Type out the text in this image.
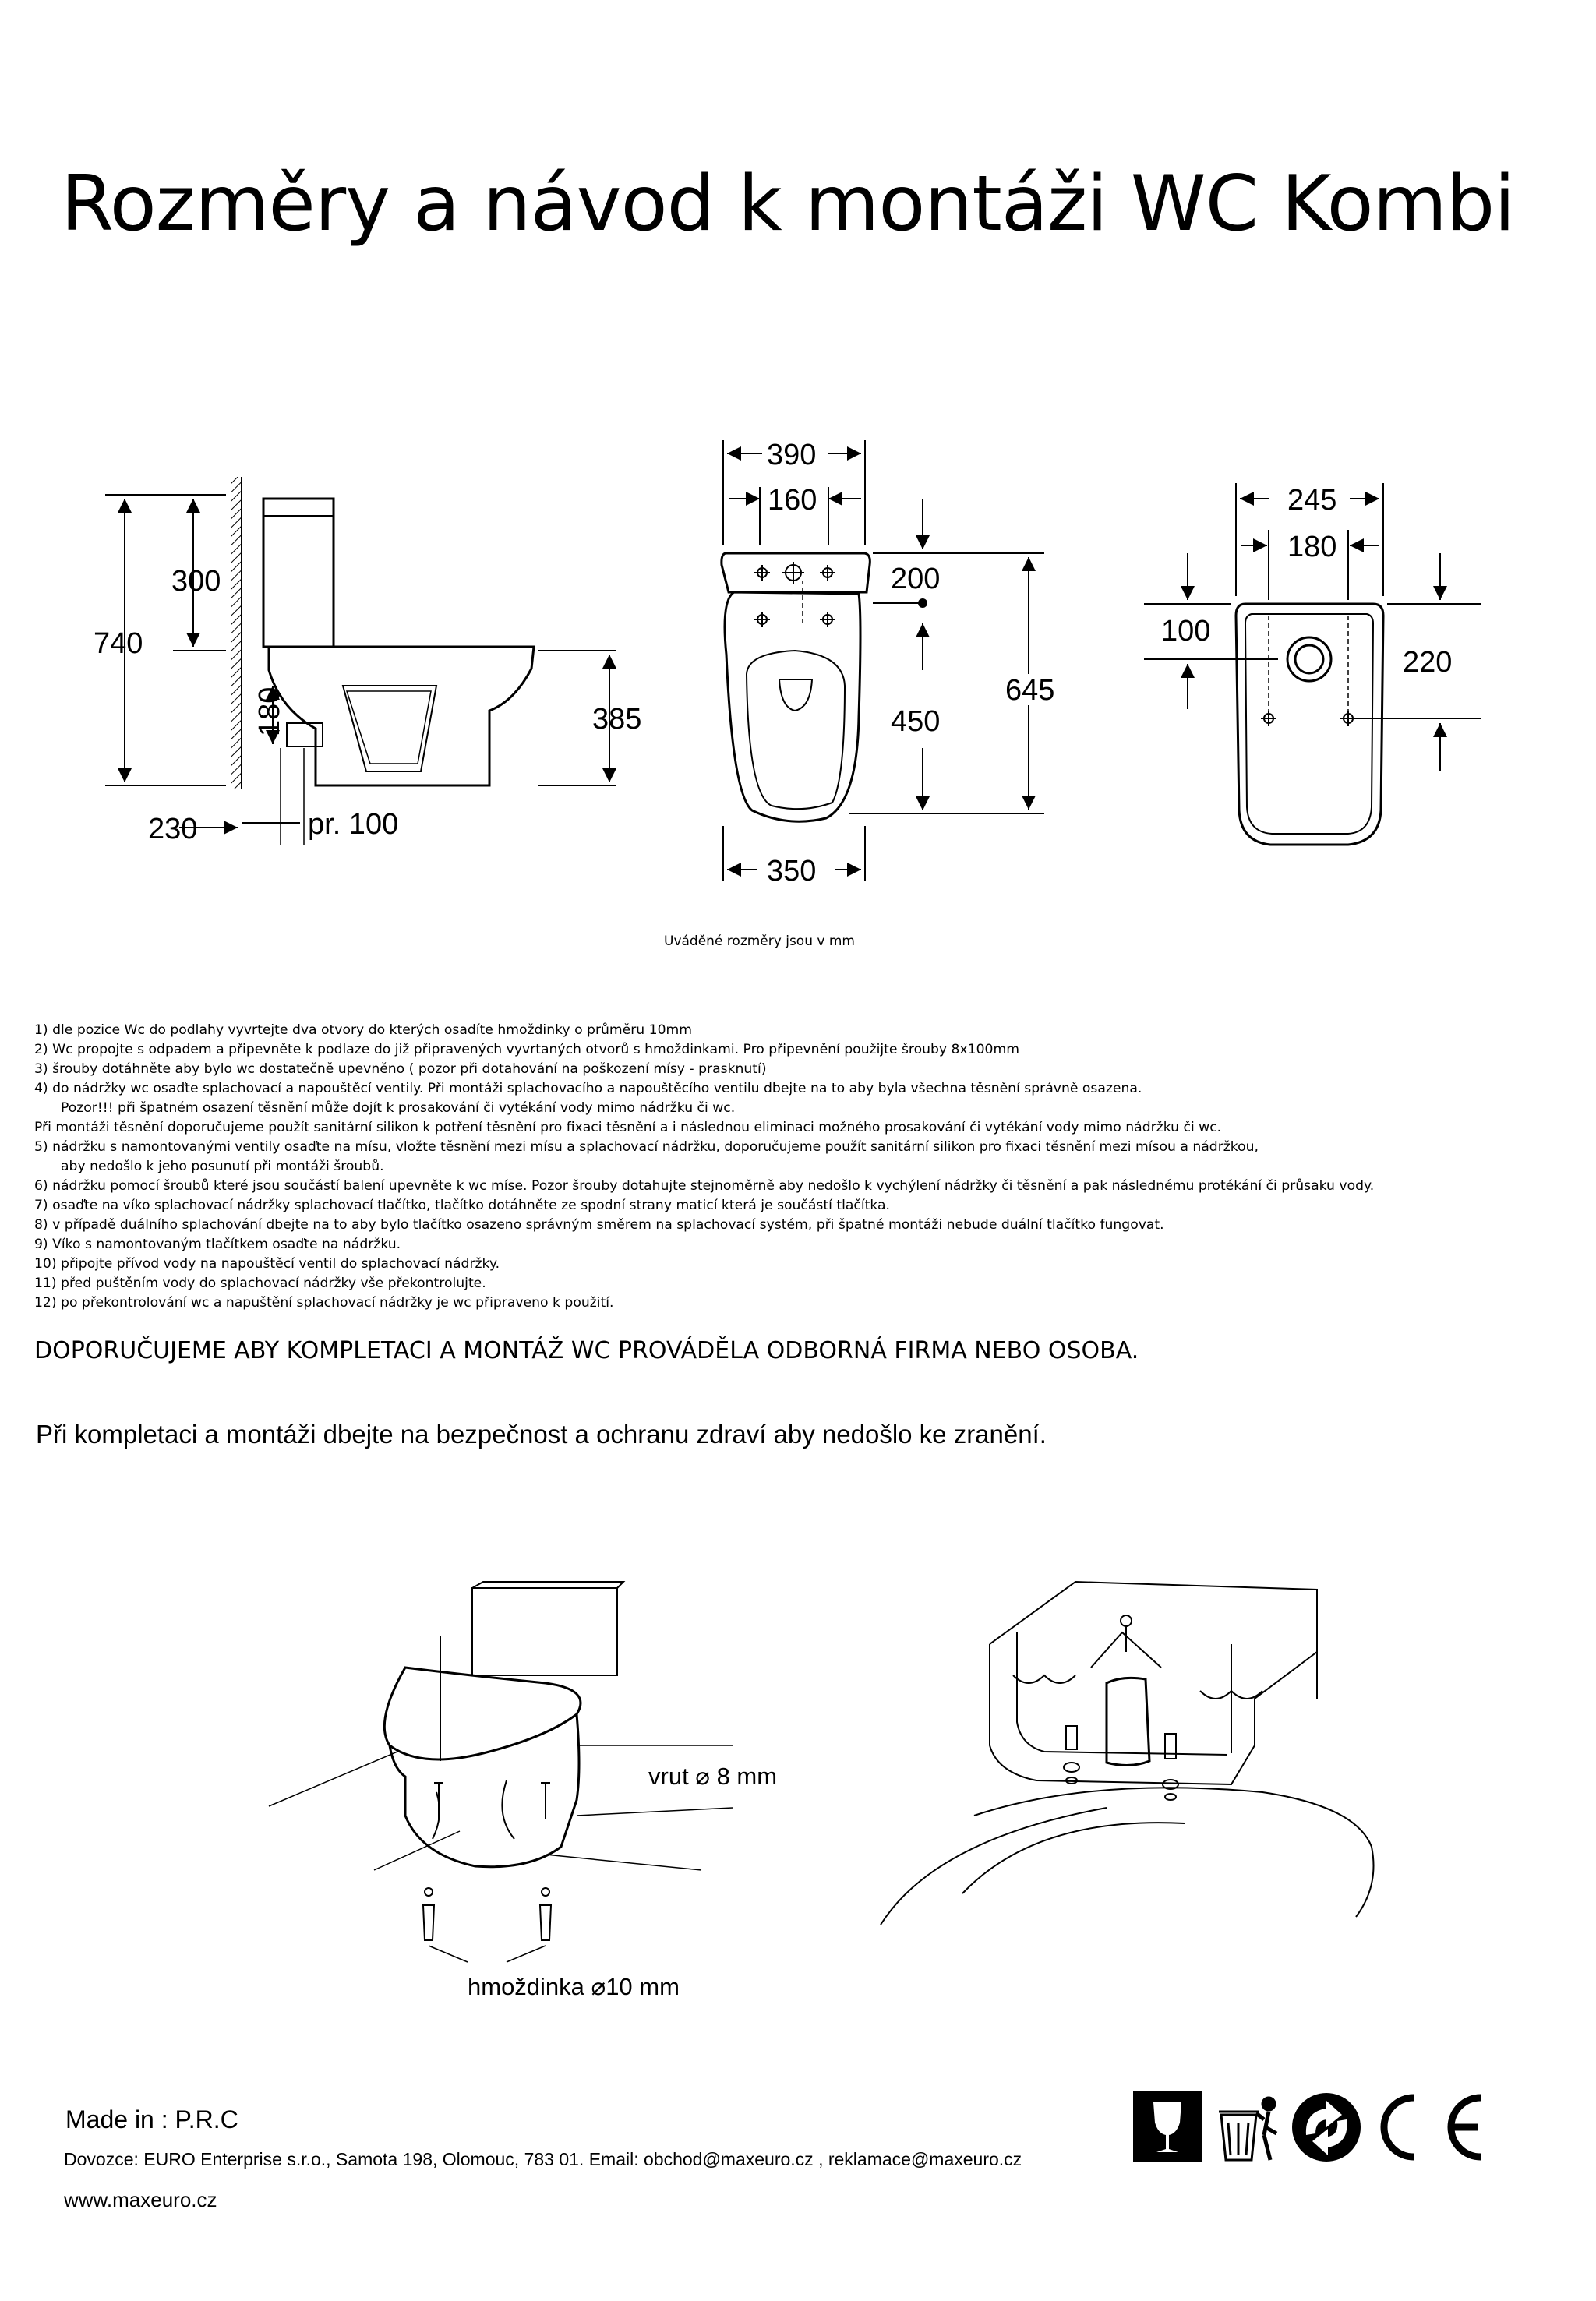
Rozměry a návod k montáži WC Kombi
740
300
385
180
230	pr. 100
390
160
200
450
645
350
245
180
100
220
Uváděné rozměry jsou v mm
1) dle pozice Wc do podlahy vyvrtejte dva otvory do kterých osadíte hmoždinky o průměru 10mm
2) Wc propojte s odpadem a připevněte k podlaze do již připravených vyvrtaných otvorů s hmoždinkami. Pro připevnění použijte šrouby 8x100mm
3) šrouby dotáhněte aby bylo wc dostatečně upevněno ( pozor při dotahování na poškození mísy - prasknutí)
4) do nádržky wc osaďte splachovací a napouštěcí ventily. Při montáži splachovacího a napouštěcího ventilu dbejte na to aby byla všechna těsnění správně osazena.
Pozor!!! při špatném osazení těsnění může dojít k prosakování či vytékání vody mimo nádržku či wc.
Při montáži těsnění doporučujeme použít sanitární silikon k potření těsnění pro fixaci těsnění a i následnou eliminaci možného prosakování či vytékání vody mimo nádržku či wc.
5) nádržku s namontovanými ventily osaďte na mísu, vložte těsnění mezi mísu a splachovací nádržku, doporučujeme použít sanitární silikon pro fixaci těsnění mezi mísou a nádržkou,
aby nedošlo k jeho posunutí při montáži šroubů.
6) nádržku pomocí šroubů které jsou součástí balení upevněte k wc míse. Pozor šrouby dotahujte stejnoměrně aby nedošlo k vychýlení nádržky či těsnění a pak následnému protékání či průsaku vody.
7) osaďte na víko splachovací nádržky splachovací tlačítko, tlačítko dotáhněte ze spodní strany maticí která je součástí tlačítka.
8) v případě duálního splachování dbejte na to aby bylo tlačítko osazeno správným směrem na splachovací systém, při špatné montáži nebude duální tlačítko fungovat.
9) Víko s namontovaným tlačítkem osaďte na nádržku.
10) připojte přívod vody na napouštěcí ventil do splachovací nádržky.
11) před puštěním vody do splachovací nádržky vše překontrolujte.
12) po překontrolování wc a napuštění splachovací nádržky je wc připraveno k použití.
DOPORUČUJEME ABY KOMPLETACI A MONTÁŽ WC PROVÁDĚLA ODBORNÁ FIRMA NEBO OSOBA.
Při kompletaci a montáži dbejte na bezpečnost a ochranu zdraví aby nedošlo ke zranění.
vrut ⌀ 8 mm
hmoždinka ⌀10 mm
Made in : P.R.C
Dovozce: EURO Enterprise s.r.o., Samota 198, Olomouc, 783 01. Email: obchod@maxeuro.cz , reklamace@maxeuro.cz
www.maxeuro.cz
